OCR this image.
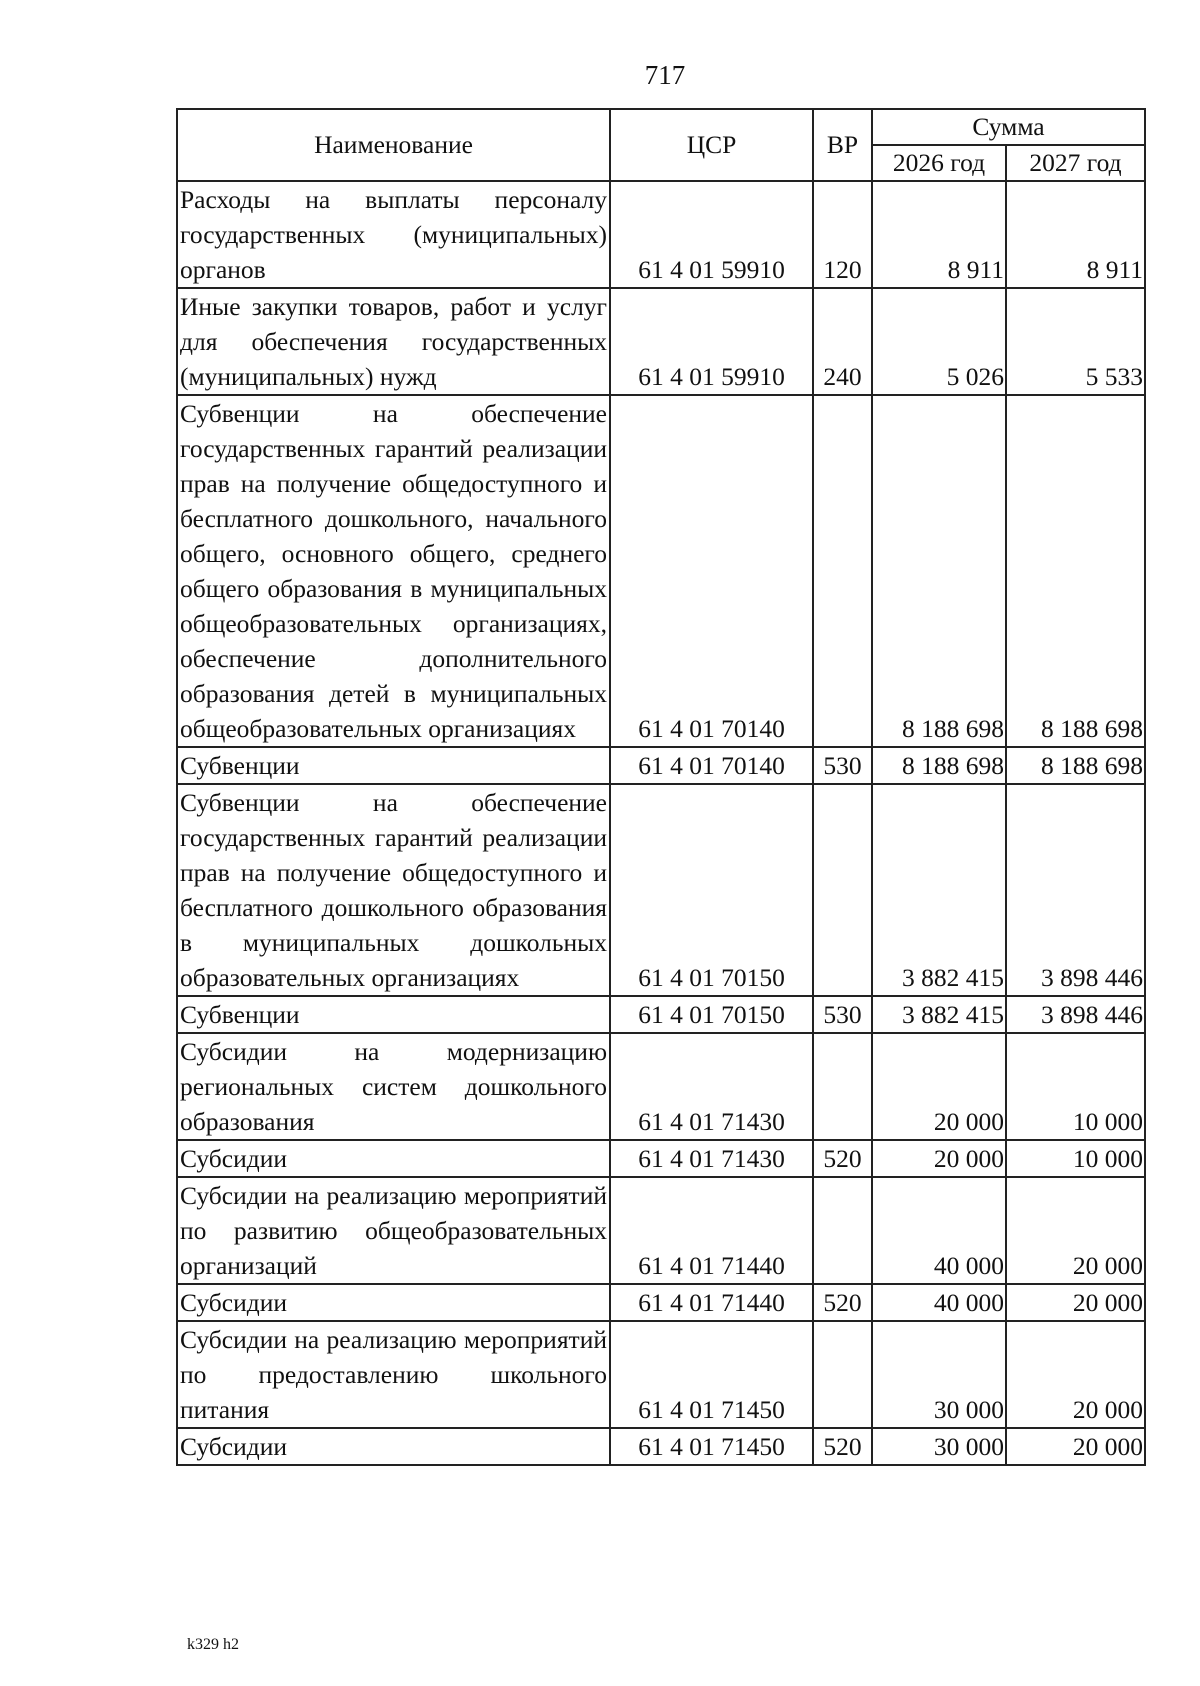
717
Наименование	ЦСР	ВР	Сумма	
			2026 год	2027 год
Расходы на выплаты персоналу государственных (муниципальных) органов	61 4 01 59910	120	8 911	8 911
Иные закупки товаров, работ и услуг для обеспечения государственных (муниципальных) нужд	61 4 01 59910	240	5 026	5 533
Субвенции на обеспечение государственных гарантий реализации прав на получение общедоступного и бесплатного дошкольного, начального общего, основного общего, среднего общего образования в муниципальных общеобразовательных организациях, обеспечение дополнительного образования детей в муниципальных общеобразовательных организациях	61 4 01 70140		8 188 698	8 188 698
Субвенции	61 4 01 70140	530	8 188 698	8 188 698
Субвенции на обеспечение государственных гарантий реализации прав на получение общедоступного и бесплатного дошкольного образования в муниципальных дошкольных образовательных организациях	61 4 01 70150		3 882 415	3 898 446
Субвенции	61 4 01 70150	530	3 882 415	3 898 446
Субсидии на модернизацию региональных систем дошкольного образования	61 4 01 71430		20 000	10 000
Субсидии	61 4 01 71430	520	20 000	10 000
Субсидии на реализацию мероприятий по развитию общеобразовательных организаций	61 4 01 71440		40 000	20 000
Субсидии	61 4 01 71440	520	40 000	20 000
Субсидии на реализацию мероприятий по предоставлению школьного питания	61 4 01 71450		30 000	20 000
Субсидии	61 4 01 71450	520	30 000	20 000
k329 h2
